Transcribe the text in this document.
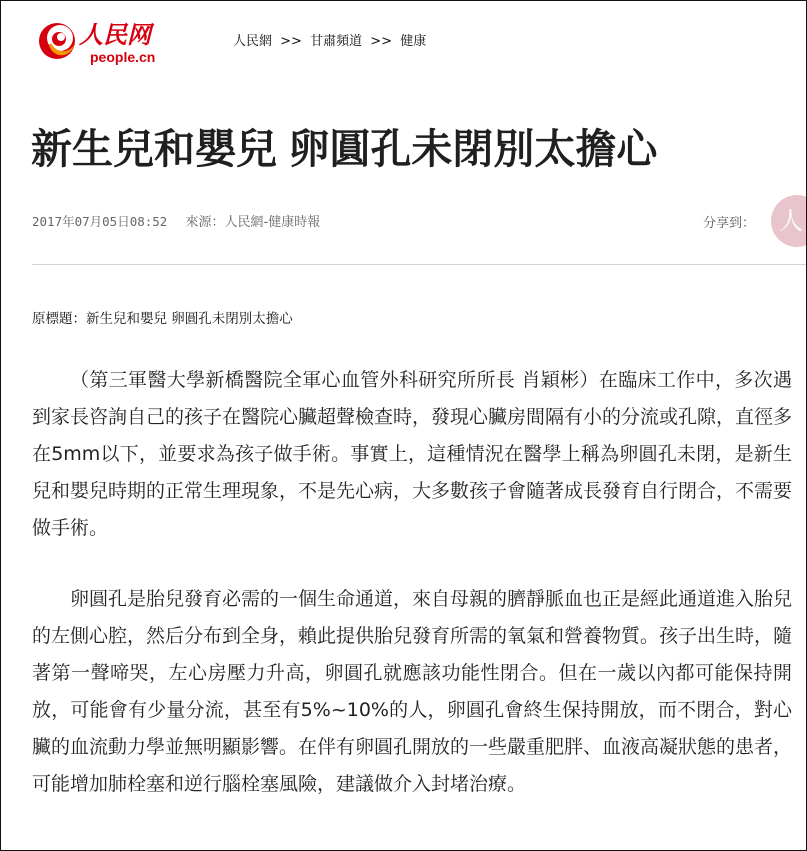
人民网
people.cn
人民網 >> 甘肅頻道 >> 健康
新生兒和嬰兒 卵圓孔未閉別太擔心
2017年07月05日08:52 來源：人民網-健康時報	分享到： 人
原標題：新生兒和嬰兒 卵圓孔未閉別太擔心

（第三軍醫大學新橋醫院全軍心血管外科研究所所長 肖穎彬）在臨床工作中，多次遇到家長咨詢自己的孩子在醫院心臟超聲檢查時，發現心臟房間隔有小的分流或孔隙，直徑多在5mm以下，並要求為孩子做手術。事實上，這種情況在醫學上稱為卵圓孔未閉，是新生兒和嬰兒時期的正常生理現象，不是先心病，大多數孩子會隨著成長發育自行閉合，不需要做手術。

卵圓孔是胎兒發育必需的一個生命通道，來自母親的臍靜脈血也正是經此通道進入胎兒的左側心腔，然后分布到全身，賴此提供胎兒發育所需的氧氣和營養物質。孩子出生時，隨著第一聲啼哭，左心房壓力升高，卵圓孔就應該功能性閉合。但在一歲以內都可能保持開放，可能會有少量分流，甚至有5%~10%的人，卵圓孔會終生保持開放，而不閉合，對心臟的血流動力學並無明顯影響。在伴有卵圓孔開放的一些嚴重肥胖、血液高凝狀態的患者，可能增加肺栓塞和逆行腦栓塞風險，建議做介入封堵治療。
